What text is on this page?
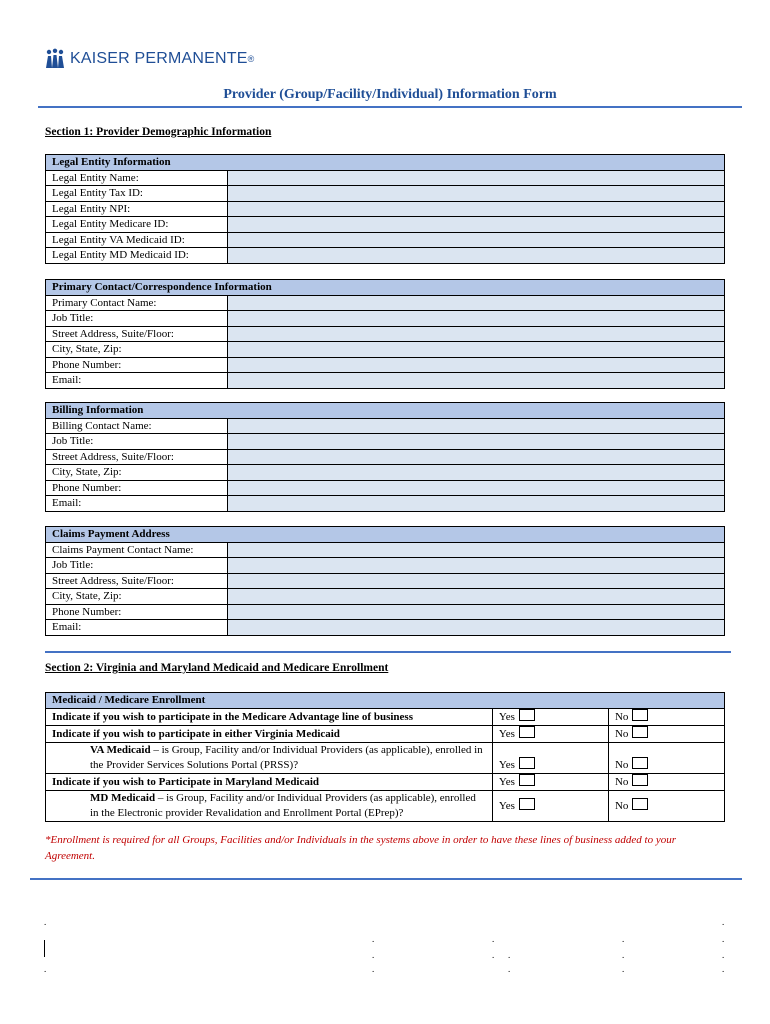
KAISER PERMANENTE ®
Provider (Group/Facility/Individual) Information Form
Section 1: Provider Demographic Information
Legal Entity Information	
Legal Entity Name:	
Legal Entity Tax ID:	
Legal Entity NPI:	
Legal Entity Medicare ID:	
Legal Entity VA Medicaid ID:	
Legal Entity MD Medicaid ID:	
Primary Contact/Correspondence Information	
Primary Contact Name:	
Job Title:	
Street Address, Suite/Floor:	
City, State, Zip:	
Phone Number:	
Email:	
Billing Information	
Billing Contact Name:	
Job Title:	
Street Address, Suite/Floor:	
City, State, Zip:	
Phone Number:	
Email:	
Claims Payment Address	
Claims Payment Contact Name:	
Job Title:	
Street Address, Suite/Floor:	
City, State, Zip:	
Phone Number:	
Email:	
Section 2: Virginia and Maryland Medicaid and Medicare Enrollment
Medicaid / Medicare Enrollment		
Indicate if you wish to participate in the Medicare Advantage line of business	Yes	No
Indicate if you wish to participate in either Virginia Medicaid	Yes	No

VA Medicaid – is Group, Facility and/or Individual Providers (as applicable), enrolled in the Provider Services Solutions Portal (PRSS)?	Yes	No
Indicate if you wish to Participate in Maryland Medicaid	Yes	No

MD Medicaid – is Group, Facility and/or Individual Providers (as applicable), enrolled in the Electronic provider Revalidation and Enrollment Portal (EPrep)?	Yes	No
*Enrollment is required for all Groups, Facilities and/or Individuals in the systems above in order to have these lines of business added to your Agreement.
.	.
.	.	.	.
.	. .	.	.
.	.	.	.	.
